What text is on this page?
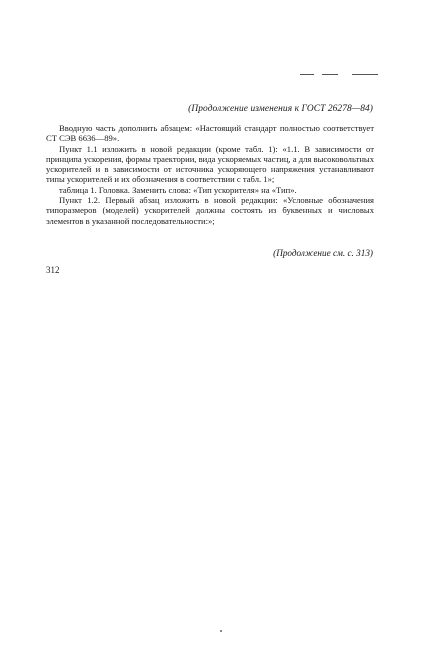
(Продолжение изменения к ГОСТ 26278—84)

Вводную часть дополнить абзацем: «Настоящий стандарт полностью соответствует СТ СЭВ 6636—89».

Пункт 1.1 изложить в новой редакции (кроме табл. 1): «1.1. В зависимости от принципа ускорения, формы траектории, вида ускоряемых частиц, а для высоковольтных ускорителей и в зависимости от источника ускоряющего напряжения устанавливают типы ускорителей и их обозначения в соответствии с табл. 1»;

таблица 1. Головка. Заменить слова: «Тип ускорителя» на «Тип».

Пункт 1.2. Первый абзац изложить в новой редакции: «Условные обозначения типоразмеров (моделей) ускорителей должны состоять из буквенных и числовых элементов в указанной последовательности:»;

(Продолжение см. с. 313)
312
